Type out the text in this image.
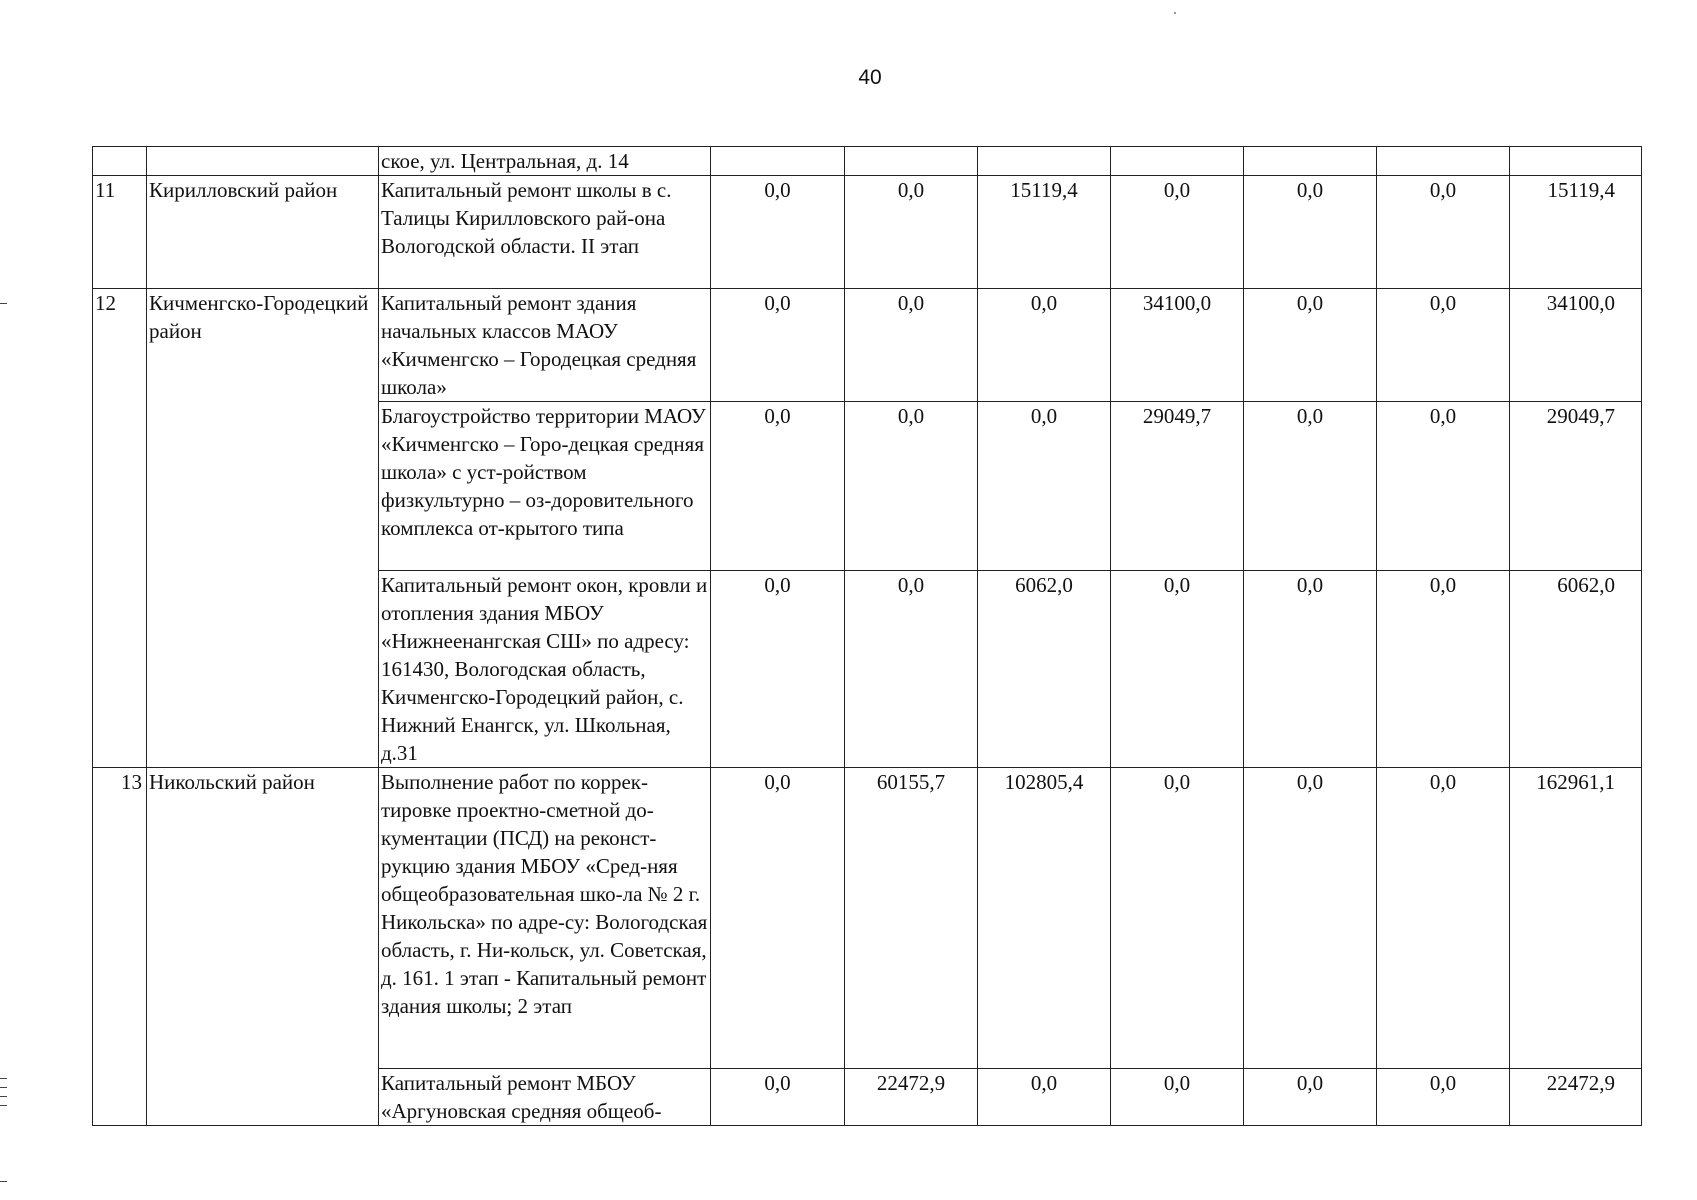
40
		ское, ул. Центральная, д. 14							
11	Кирилловский район	Капитальный ремонт школы в с. Талицы Кирилловского рай-она Вологодской области. II этап	0,0	0,0	15119,4	0,0	0,0	0,0	15119,4
12	Кичменгско-Городецкий район	Капитальный ремонт здания начальных классов МАОУ «Кичменгско – Городецкая средняя школа»	0,0	0,0	0,0	34100,0	0,0	0,0	34100,0
		Благоустройство территории МАОУ «Кичменгско – Горо-децкая средняя школа» с уст-ройством физкультурно – оз-доровительного комплекса от-крытого типа	0,0	0,0	0,0	29049,7	0,0	0,0	29049,7
		Капитальный ремонт окон, кровли и отопления здания МБОУ «Нижнеенангская СШ» по адресу: 161430, Вологодская область, Кичменгско-Городецкий район, с. Нижний Енангск, ул. Школьная, д.31	0,0	0,0	6062,0	0,0	0,0	0,0	6062,0
13	Никольский район	Выполнение работ по коррек-тировке проектно-сметной до-кументации (ПСД) на реконст-рукцию здания МБОУ «Сред-няя общеобразовательная шко-ла № 2 г. Никольска» по адре-су: Вологодская область, г. Ни-кольск, ул. Советская, д. 161. 1 этап - Капитальный ремонт здания школы; 2 этап	0,0	60155,7	102805,4	0,0	0,0	0,0	162961,1
		Капитальный ремонт МБОУ «Аргуновская средняя общеоб-	0,0	22472,9	0,0	0,0	0,0	0,0	22472,9
